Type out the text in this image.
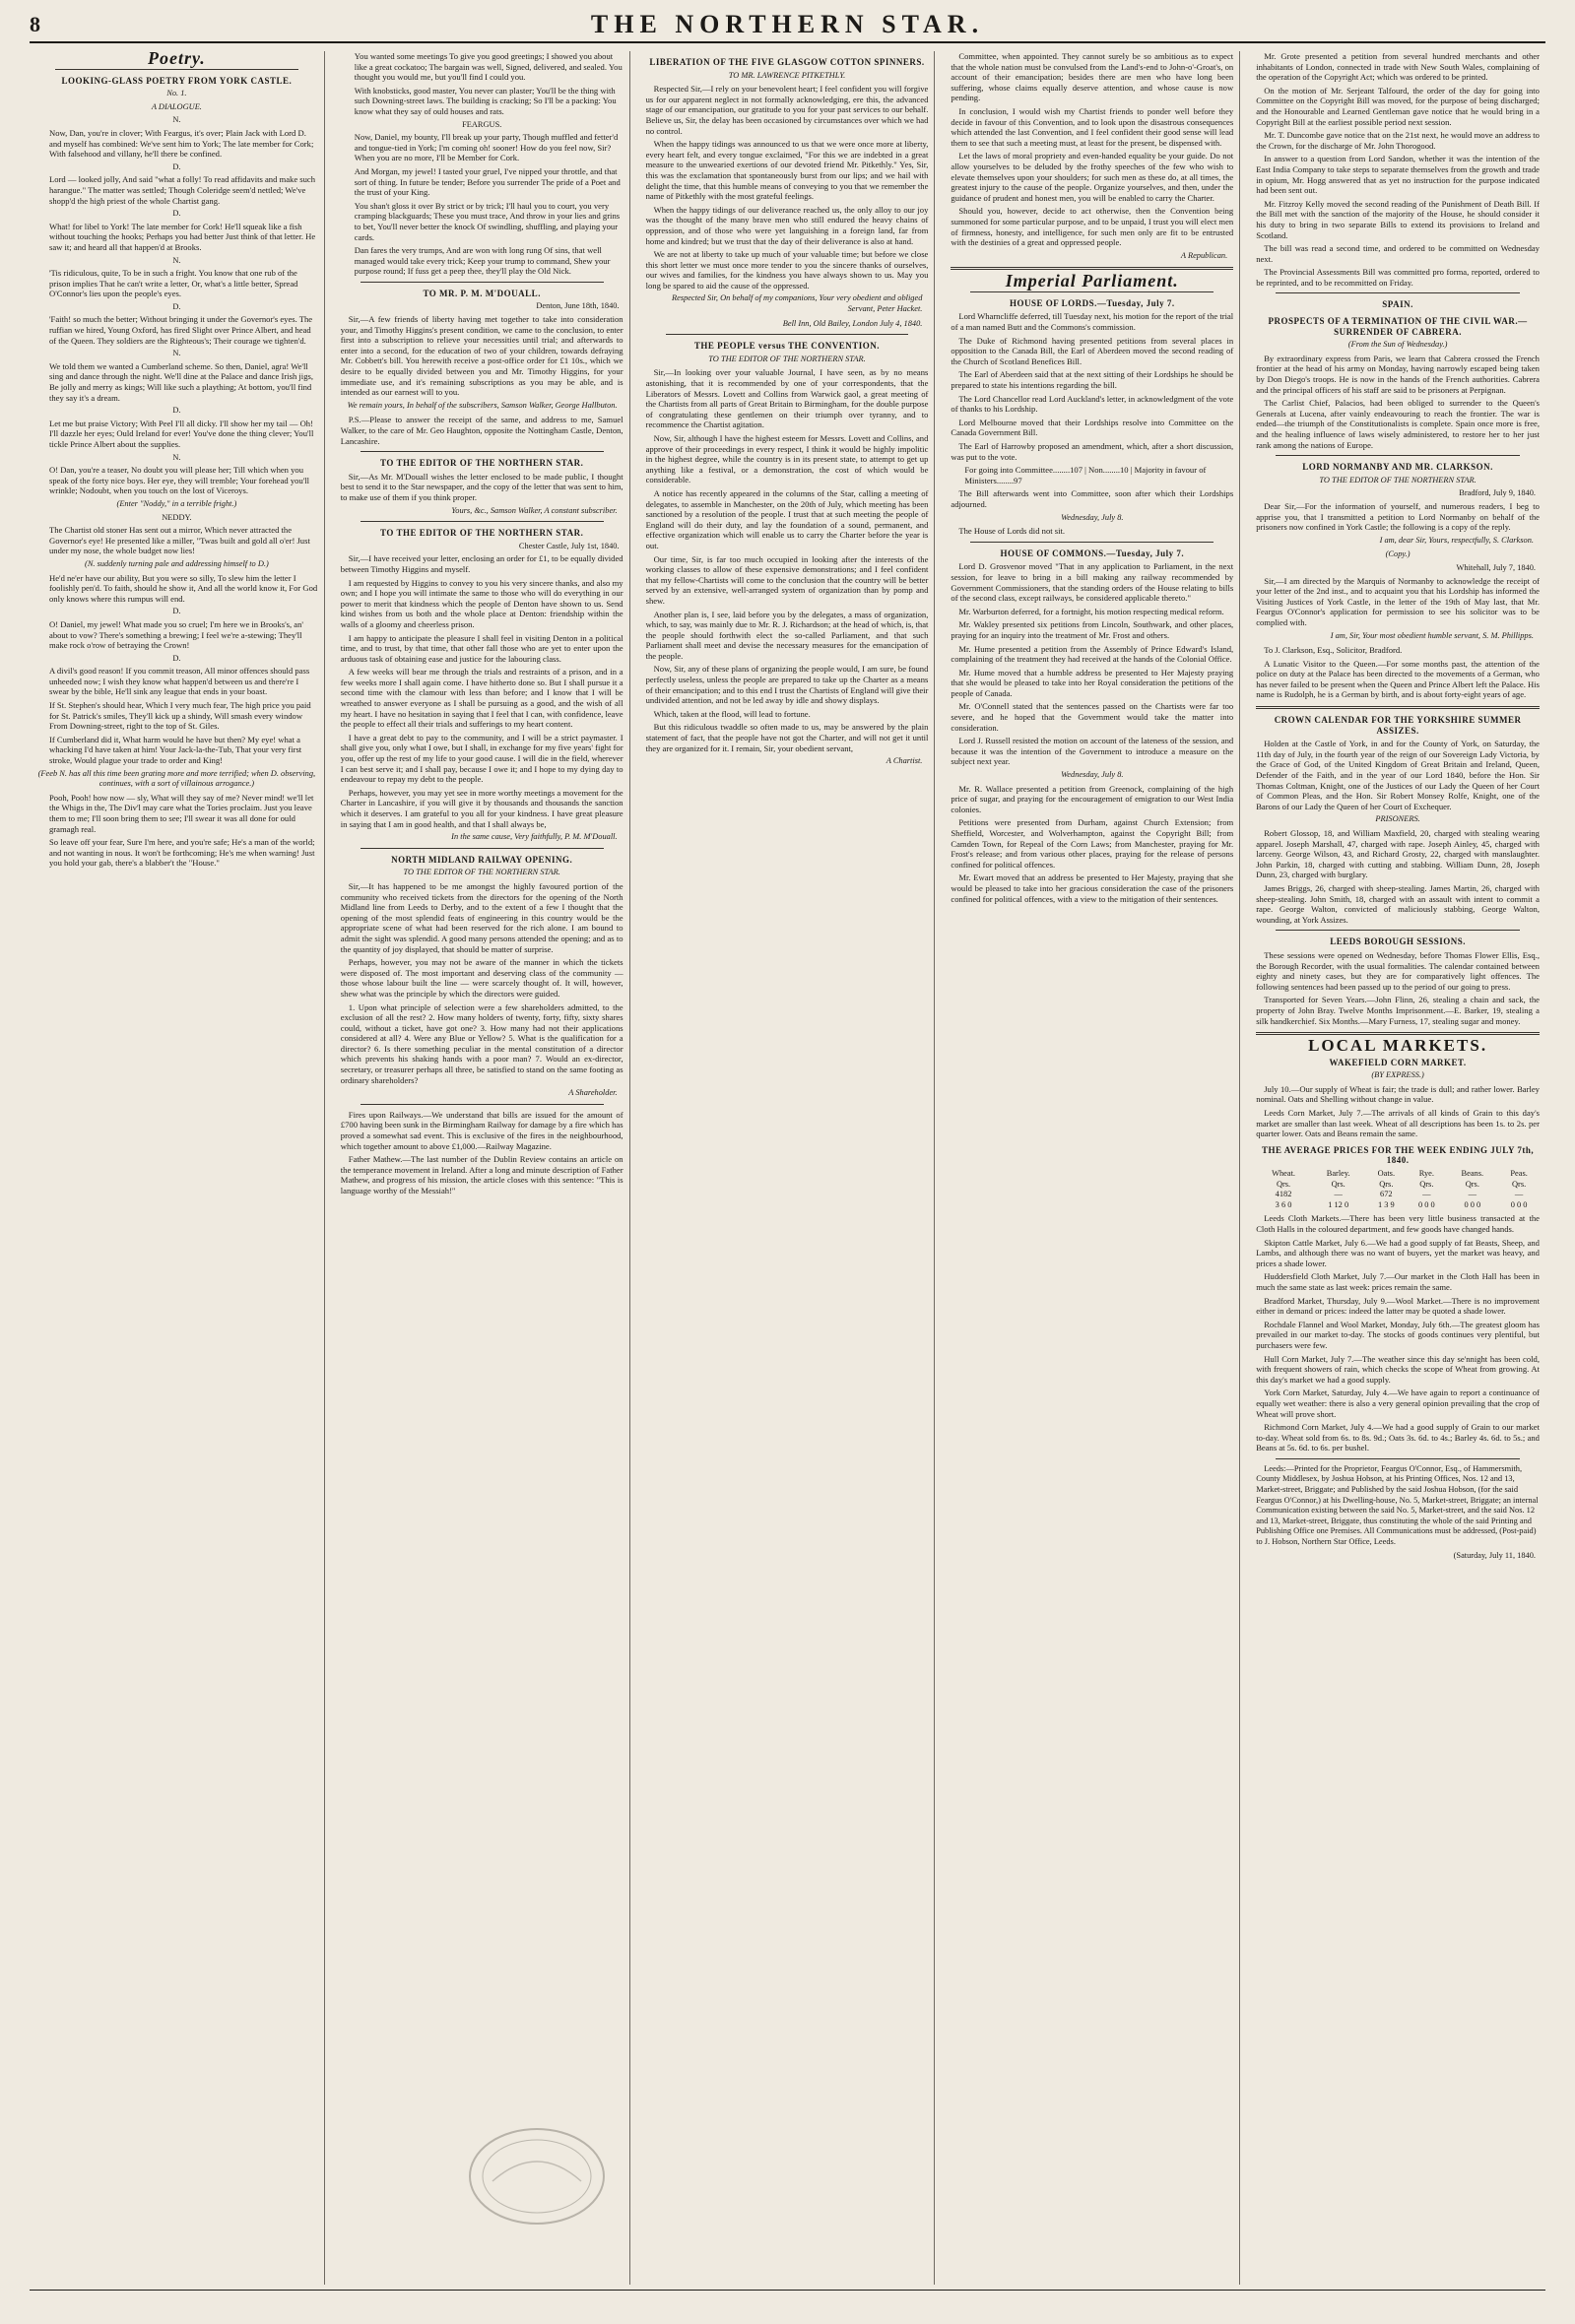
8	THE NORTHERN STAR.
Poetry.
LOOKING-GLASS POETRY FROM YORK CASTLE.
No. 1.
A DIALOGUE.
N.

Now, Dan, you're in clover; With Feargus, it's over; Plain Jack with Lord D. and myself has combined: We've sent him to York; The late member for Cork; With falsehood and villany, he'll there be confined.

D.

Lord — looked jolly, And said "what a folly! To read affidavits and make such harangue." The matter was settled; Though Coleridge seem'd nettled; We've shopp'd the high priest of the whole Chartist gang.

D.

What! for libel to York! The late member for Cork! He'll squeak like a fish without touching the hooks; Perhaps you had better Just think of that letter. He saw it; and heard all that happen'd at Brooks.

N.

'Tis ridiculous, quite, To be in such a fright. You know that one rub of the prison implies That he can't write a letter, Or, what's a little better, Spread O'Connor's lies upon the people's eyes.

D.

'Faith! so much the better; Without bringing it under the Governor's eyes. The ruffian we hired, Young Oxford, has fired Slight over Prince Albert, and head of the Queen. They soldiers are the Righteous's; Their courage we tighten'd.

N.

We told them we wanted a Cumberland scheme. So then, Daniel, agra! We'll sing and dance through the night. We'll dine at the Palace and dance Irish jigs, Be jolly and merry as kings; Will like such a plaything; At bottom, you'll find they say it's a dream.

D.

Let me but praise Victory; With Peel I'll all dicky. I'll show her my tail — Oh! I'll dazzle her eyes; Ould Ireland for ever! You've done the thing clever; You'll tickle Prince Albert about the supplies.

N.

O! Dan, you're a teaser, No doubt you will please her; Till which when you speak of the forty nice boys. Her eye, they will tremble; Your forehead you'll wrinkle; Nodoubt, when you touch on the lost of Viceroys.

(Enter "Noddy," in a terrible fright.)
NEDDY.

The Chartist old stoner Has sent out a mirror, Which never attracted the Governor's eye! He presented like a miller, "Twas built and gold all o'er! Just under my nose, the whole budget now lies!

(N. suddenly turning pale and addressing himself to D.)

He'd ne'er have our ability, But you were so silly, To slew him the letter I foolishly pen'd. To faith, should he show it, And all the world know it, For God only knows where this rumpus will end.

D.

O! Daniel, my jewel! What made you so cruel; I'm here we in Brooks's, an' about to vow? There's something a brewing; I feel we're a-stewing; They'll make rock o'row of betraying the Crown!

D.

A divil's good reason! If you commit treason, All minor offences should pass unheeded now; I wish they know what happen'd between us and there're I swear by the bible, He'll sink any league that ends in your boast.

If St. Stephen's should hear, Which I very much fear, The high price you paid for St. Patrick's smiles, They'll kick up a shindy, Will smash every window From Downing-street, right to the top of St. Giles.

If Cumberland did it, What harm would he have but then? My eye! what a whacking I'd have taken at him! Your Jack-la-the-Tub, That your very first stroke, Would plague your trade to order and King!

(Feeb N. has all this time been grating more and more terrified; when D. observing, continues, with a sort of villainous arrogance.)

Pooh, Pooh! how now — sly, What will they say of me? Never mind! we'll let the Whigs in the, The Div'l may care what the Tories proclaim. Just you leave them to me; I'll soon bring them to see; I'll swear it was all done for ould gramagh real.

So leave off your fear, Sure I'm here, and you're safe; He's a man of the world; and not wanting in nous. It won't be forthcoming; He's me when warning! Just you hold your gab, there's a blabber't the "House."

You wanted some meetings To give you good greetings; I showed you about like a great cockatoo; The bargain was well, Signed, delivered, and sealed. You thought you would me, but you'll find I could you.

With knobsticks, good master, You never can plaster; You'll be the thing with such Downing-street laws. The building is cracking; So I'll be a packing: You know what they say of ould houses and rats.

FEARGUS.

Now, Daniel, my bounty, I'll break up your party, Though muffled and fetter'd and tongue-tied in York; I'm coming oh! sooner! How do you feel now, Sir? When you are no more, I'll be Member for Cork.

And Morgan, my jewel! I tasted your gruel, I've nipped your throttle, and that sort of thing. In future be tender; Before you surrender The pride of a Poet and the trust of your King.

You shan't gloss it over By strict or by trick; I'll haul you to court, you very cramping blackguards; These you must trace, And throw in your lies and grins to bet, You'll never better the knock Of swindling, shuffling, and playing your cards.

Dan fares the very trumps, And are won with long rung Of sins, that well managed would take every trick; Keep your trump to command, Shew your purpose round; If fuss get a peep thee, they'll play the Old Nick.

TO MR. P. M. M'DOUALL.
Denton, June 18th, 1840.

Sir,—A few friends of liberty having met together to take into consideration your, and Timothy Higgins's present condition, we came to the conclusion, to enter first into a subscription to relieve your necessities until trial; and afterwards to enter into a second, for the education of two of your children, towards defraying Mr. Cobbett's bill. You herewith receive a post-office order for £1 10s., which we desire to be equally divided between you and Mr. Timothy Higgins, for your immediate use, and it's remaining subscriptions as you may be able, and is intended as our earnest will to you.

We remain yours, In behalf of the subscribers, Samson Walker, George Hallbuton.

P.S.—Please to answer the receipt of the same, and address to me, Samuel Walker, to the care of Mr. Geo Haughton, opposite the Nottingham Castle, Denton, Lancashire.

TO THE EDITOR OF THE NORTHERN STAR.

Sir,—As Mr. M'Douall wishes the letter enclosed to be made public, I thought best to send it to the Star newspaper, and the copy of the letter that was sent to him, to make use of them if you think proper.

Yours, &c., Samson Walker, A constant subscriber.
TO THE EDITOR OF THE NORTHERN STAR.
Chester Castle, July 1st, 1840.

Sir,—I have received your letter, enclosing an order for £1, to be equally divided between Timothy Higgins and myself.

I am requested by Higgins to convey to you his very sincere thanks, and also my own; and I hope you will intimate the same to those who will do everything in our power to merit that kindness which the people of Denton have shown to us. Send kind wishes from us both and the whole place at Denton: friendship within the walls of a gloomy and cheerless prison.

I am happy to anticipate the pleasure I shall feel in visiting Denton in a political time, and to trust, by that time, that other fall those who are yet to enter upon the arduous task of obtaining ease and justice for the labouring class.

A few weeks will bear me through the trials and restraints of a prison, and in a few weeks more I shall again come. I have hitherto done so. But I shall pursue it a second time with the clamour with less than before; and I know that I will be wreathed to answer everyone as I shall be pursuing as a good, and the wish of all my heart. I have no hesitation in saying that I feel that I can, with confidence, leave the people to effect all their trials and sufferings to my heart content.

I have a great debt to pay to the community, and I will be a strict paymaster. I shall give you, only what I owe, but I shall, in exchange for my five years' fight for you, offer up the rest of my life to your good cause. I will die in the field, wherever I can best serve it; and I shall pay, because I owe it; and I hope to my dying day to endeavour to repay my debt to the people.

Perhaps, however, you may yet see in more worthy meetings a movement for the Charter in Lancashire, if you will give it by thousands and thousands the sanction which it deserves. I am grateful to you all for your kindness. I have great pleasure in saying that I am in good health, and that I shall always be,

In the same cause, Very faithfully, P. M. M'Douall.
NORTH MIDLAND RAILWAY OPENING.
TO THE EDITOR OF THE NORTHERN STAR.

Sir,—It has happened to be me amongst the highly favoured portion of the community who received tickets from the directors for the opening of the North Midland line from Leeds to Derby, and to the extent of a few I thought that the opening of the most splendid feats of engineering in this country would be the appropriate scene of what had been reserved for the rich alone. I am bound to admit the sight was splendid. A good many persons attended the opening; and as to the quantity of joy displayed, that should be matter of surprise.

Perhaps, however, you may not be aware of the manner in which the tickets were disposed of. The most important and deserving class of the community — those whose labour built the line — were scarcely thought of. It will, however, shew what was the principle by which the directors were guided.

1. Upon what principle of selection were a few shareholders admitted, to the exclusion of all the rest? 2. How many holders of twenty, forty, fifty, sixty shares could, without a ticket, have got one? 3. How many had not their applications considered at all? 4. Were any Blue or Yellow? 5. What is the qualification for a director? 6. Is there something peculiar in the mental constitution of a director which prevents his shaking hands with a poor man? 7. Would an ex-director, secretary, or treasurer perhaps all three, be satisfied to stand on the same footing as ordinary shareholders?

A Shareholder.

Fires upon Railways.—We understand that bills are issued for the amount of £700 having been sunk in the Birmingham Railway for damage by a fire which has proved a somewhat sad event. This is exclusive of the fires in the neighbourhood, which together amount to above £1,000.—Railway Magazine.

Father Mathew.—The last number of the Dublin Review contains an article on the temperance movement in Ireland. After a long and minute description of Father Mathew, and progress of his mission, the article closes with this sentence: "This is language worthy of the Messiah!"

LIBERATION OF THE FIVE GLASGOW COTTON SPINNERS.
TO MR. LAWRENCE PITKETHLY.

Respected Sir,—I rely on your benevolent heart; I feel confident you will forgive us for our apparent neglect in not formally acknowledging, ere this, the advanced stage of our emancipation, our gratitude to you for your past services to our behalf. Believe us, Sir, the delay has been occasioned by circumstances over which we had no control.

When the happy tidings was announced to us that we were once more at liberty, every heart felt, and every tongue exclaimed, "For this we are indebted in a great measure to the unwearied exertions of our devoted friend Mr. Pitkethly." Yes, Sir, this was the exclamation that spontaneously burst from our lips; and we hail with delight the time, that this humble means of conveying to you that we remember the name of Pitkethly with the most grateful feelings.

When the happy tidings of our deliverance reached us, the only alloy to our joy was the thought of the many brave men who still endured the heavy chains of oppression, and of those who were yet languishing in a foreign land, far from home and kindred; but we trust that the day of their deliverance is also at hand.

We are not at liberty to take up much of your valuable time; but before we close this short letter we must once more tender to you the sincere thanks of ourselves, our wives and families, for the kindness you have always shown to us. May you long be spared to aid the cause of the oppressed.

Respected Sir, On behalf of my companions, Your very obedient and obliged Servant, Peter Hacket.
Bell Inn, Old Bailey, London July 4, 1840.
THE PEOPLE versus THE CONVENTION.
TO THE EDITOR OF THE NORTHERN STAR.

Sir,—In looking over your valuable Journal, I have seen, as by no means astonishing, that it is recommended by one of your correspondents, that the Liberators of Messrs. Lovett and Collins from Warwick gaol, a great meeting of the Chartists from all parts of Great Britain to Birmingham, for the double purpose of congratulating these gentlemen on their triumph over tyranny, and to recommence the Chartist agitation.

Now, Sir, although I have the highest esteem for Messrs. Lovett and Collins, and approve of their proceedings in every respect, I think it would be highly impolitic in the highest degree, while the country is in its present state, to attempt to get up anything like a festival, or a demonstration, the cost of which would be considerable.

A notice has recently appeared in the columns of the Star, calling a meeting of delegates, to assemble in Manchester, on the 20th of July, which meeting has been sanctioned by a resolution of the people. I trust that at such meeting the people of England will do their duty, and lay the foundation of a sound, permanent, and effective organization which will enable us to carry the Charter before the year is out.

Our time, Sir, is far too much occupied in looking after the interests of the working classes to allow of these expensive demonstrations; and I feel confident that my fellow-Chartists will come to the conclusion that the country will be better served by an extensive, well-arranged system of organization than by pomp and shew.

Another plan is, I see, laid before you by the delegates, a mass of organization, which, to say, was mainly due to Mr. R. J. Richardson; at the head of which, is, that the people should forthwith elect the so-called Parliament, and that such Parliament shall meet and devise the necessary measures for the emancipation of the people.

Now, Sir, any of these plans of organizing the people would, I am sure, be found perfectly useless, unless the people are prepared to take up the Charter as a means of their emancipation; and to this end I trust the Chartists of England will give their undivided attention, and not be led away by idle and showy displays.

Which, taken at the flood, will lead to fortune.

But this ridiculous twaddle so often made to us, may be answered by the plain statement of fact, that the people have not got the Charter, and will not get it until they are organized for it. I remain, Sir, your obedient servant,

A Chartist.

Committee, when appointed. They cannot surely be so ambitious as to expect that the whole nation must be convulsed from the Land's-end to John-o'-Groat's, on account of their emancipation; besides there are men who have long been suffering, whose claims equally deserve attention, and whose cause is now pending.

In conclusion, I would wish my Chartist friends to ponder well before they decide in favour of this Convention, and to look upon the disastrous consequences which attended the last Convention, and I feel confident their good sense will lead them to see that such a meeting must, at least for the present, be dispensed with.

Let the laws of moral propriety and even-handed equality be your guide. Do not allow yourselves to be deluded by the frothy speeches of the few who wish to elevate themselves upon your shoulders; for such men as these do, at all times, the greatest injury to the cause of the people. Organize yourselves, and then, under the guidance of prudent and honest men, you will be enabled to carry the Charter.

Should you, however, decide to act otherwise, then the Convention being summoned for some particular purpose, and to be unpaid, I trust you will elect men of firmness, honesty, and intelligence, for such men only are fit to be entrusted with the destinies of a great and oppressed people.

A Republican.
Imperial Parliament.
HOUSE OF LORDS.—Tuesday, July 7.

Lord Wharncliffe deferred, till Tuesday next, his motion for the report of the trial of a man named Butt and the Commons's commission.

The Duke of Richmond having presented petitions from several places in opposition to the Canada Bill, the Earl of Aberdeen moved the second reading of the Church of Scotland Benefices Bill.

The Earl of Aberdeen said that at the next sitting of their Lordships he should be prepared to state his intentions regarding the bill.

The Lord Chancellor read Lord Auckland's letter, in acknowledgment of the vote of thanks to his Lordship.

Lord Melbourne moved that their Lordships resolve into Committee on the Canada Government Bill.

The Earl of Harrowby proposed an amendment, which, after a short discussion, was put to the vote.

For going into Committee........107 | Non........10 | Majority in favour of Ministers........97

The Bill afterwards went into Committee, soon after which their Lordships adjourned.

Wednesday, July 8.

The House of Lords did not sit.

HOUSE OF COMMONS.—Tuesday, July 7.

Lord D. Grosvenor moved "That in any application to Parliament, in the next session, for leave to bring in a bill making any railway recommended by Government Commissioners, that the standing orders of the House relating to bills of the second class, except railways, be considered applicable thereto."

Mr. Warburton deferred, for a fortnight, his motion respecting medical reform.

Mr. Wakley presented six petitions from Lincoln, Southwark, and other places, praying for an inquiry into the treatment of Mr. Frost and others.

Mr. Hume presented a petition from the Assembly of Prince Edward's Island, complaining of the treatment they had received at the hands of the Colonial Office.

Mr. Hume moved that a humble address be presented to Her Majesty praying that she would be pleased to take into her Royal consideration the petitions of the people of Canada.

Mr. O'Connell stated that the sentences passed on the Chartists were far too severe, and he hoped that the Government would take the matter into consideration.

Lord J. Russell resisted the motion on account of the lateness of the session, and because it was the intention of the Government to introduce a measure on the subject next year.

Wednesday, July 8.

Mr. R. Wallace presented a petition from Greenock, complaining of the high price of sugar, and praying for the encouragement of emigration to our West India colonies.

Petitions were presented from Durham, against Church Extension; from Sheffield, Worcester, and Wolverhampton, against the Copyright Bill; from Camden Town, for Repeal of the Corn Laws; from Manchester, praying for Mr. Frost's release; and from various other places, praying for the release of persons confined for political offences.

Mr. Ewart moved that an address be presented to Her Majesty, praying that she would be pleased to take into her gracious consideration the case of the prisoners confined for political offences, with a view to the mitigation of their sentences.

Mr. Grote presented a petition from several hundred merchants and other inhabitants of London, connected in trade with New South Wales, complaining of the operation of the Copyright Act; which was ordered to be printed.

On the motion of Mr. Serjeant Talfourd, the order of the day for going into Committee on the Copyright Bill was moved, for the purpose of being discharged; and the Honourable and Learned Gentleman gave notice that he would bring in a Copyright Bill at the earliest possible period next session.

Mr. T. Duncombe gave notice that on the 21st next, he would move an address to the Crown, for the discharge of Mr. John Thorogood.

In answer to a question from Lord Sandon, whether it was the intention of the East India Company to take steps to separate themselves from the growth and trade in opium, Mr. Hogg answered that as yet no instruction for the purpose indicated had been sent out.

Mr. Fitzroy Kelly moved the second reading of the Punishment of Death Bill. If the Bill met with the sanction of the majority of the House, he should consider it his duty to bring in two separate Bills to extend its provisions to Ireland and Scotland.

The bill was read a second time, and ordered to be committed on Wednesday next.

The Provincial Assessments Bill was committed pro forma, reported, ordered to be reprinted, and to be recommitted on Friday.

SPAIN.
PROSPECTS OF A TERMINATION OF THE CIVIL WAR.—SURRENDER OF CABRERA.
(From the Sun of Wednesday.)

By extraordinary express from Paris, we learn that Cabrera crossed the French frontier at the head of his army on Monday, having narrowly escaped being taken by Don Diego's troops. He is now in the hands of the French authorities. Cabrera and the principal officers of his staff are said to be prisoners at Perpignan.

The Carlist Chief, Palacios, had been obliged to surrender to the Queen's Generals at Lucena, after vainly endeavouring to reach the frontier. The war is ended—the triumph of the Constitutionalists is complete. Spain once more is free, and the healing influence of laws wisely administered, to restore her to her just rank among the nations of Europe.

LORD NORMANBY AND MR. CLARKSON.
TO THE EDITOR OF THE NORTHERN STAR.
Bradford, July 9, 1840.

Dear Sir,—For the information of yourself, and numerous readers, I beg to apprise you, that I transmitted a petition to Lord Normanby on behalf of the prisoners now confined in York Castle; the following is a copy of the reply.

I am, dear Sir, Yours, respectfully, S. Clarkson.
(Copy.)
Whitehall, July 7, 1840.

Sir,—I am directed by the Marquis of Normanby to acknowledge the receipt of your letter of the 2nd inst., and to acquaint you that his Lordship has informed the Visiting Justices of York Castle, in the letter of the 19th of May last, that Mr. Feargus O'Connor's application for permission to see his solicitor was to be complied with.

I am, Sir, Your most obedient humble servant, S. M. Phillipps.

To J. Clarkson, Esq., Solicitor, Bradford.

A Lunatic Visitor to the Queen.—For some months past, the attention of the police on duty at the Palace has been directed to the movements of a German, who has never failed to be present when the Queen and Prince Albert left the Palace. His name is Rudolph, he is a German by birth, and is about forty-eight years of age.

CROWN CALENDAR FOR THE YORKSHIRE SUMMER ASSIZES.

Holden at the Castle of York, in and for the County of York, on Saturday, the 11th day of July, in the fourth year of the reign of our Sovereign Lady Victoria, by the Grace of God, of the United Kingdom of Great Britain and Ireland, Queen, Defender of the Faith, and in the year of our Lord 1840, before the Hon. Sir Thomas Coltman, Knight, one of the Justices of our Lady the Queen of her Court of Common Pleas, and the Hon. Sir Robert Monsey Rolfe, Knight, one of the Barons of our Lady the Queen of her Court of Exchequer.

PRISONERS.

Robert Glossop, 18, and William Maxfield, 20, charged with stealing wearing apparel. Joseph Marshall, 47, charged with rape. Joseph Ainley, 45, charged with larceny. George Wilson, 43, and Richard Grosty, 22, charged with manslaughter. John Parkin, 18, charged with cutting and stabbing. William Dunn, 28, Joseph Dunn, 23, charged with burglary.

James Briggs, 26, charged with sheep-stealing. James Martin, 26, charged with sheep-stealing. John Smith, 18, charged with an assault with intent to commit a rape. George Walton, convicted of maliciously stabbing, George Walton, wounding, at York Assizes.

LEEDS BOROUGH SESSIONS.

These sessions were opened on Wednesday, before Thomas Flower Ellis, Esq., the Borough Recorder, with the usual formalities. The calendar contained between eighty and ninety cases, but they are for comparatively light offences. The following sentences had been passed up to the period of our going to press.

Transported for Seven Years.—John Flinn, 26, stealing a chain and sack, the property of John Bray. Twelve Months Imprisonment.—E. Barker, 19, stealing a silk handkerchief. Six Months.—Mary Furness, 17, stealing sugar and money.

LOCAL MARKETS.
WAKEFIELD CORN MARKET.
(BY EXPRESS.)

July 10.—Our supply of Wheat is fair; the trade is dull; and rather lower. Barley nominal. Oats and Shelling without change in value.

Leeds Corn Market, July 7.—The arrivals of all kinds of Grain to this day's market are smaller than last week. Wheat of all descriptions has been 1s. to 2s. per quarter lower. Oats and Beans remain the same.

THE AVERAGE PRICES FOR THE WEEK ENDING JULY 7th, 1840.
Wheat.	Barley.	Oats.	Rye.	Beans.	Peas.
Qrs.	Qrs.	Qrs.	Qrs.	Qrs.	Qrs.
4182	—	672	—	—	—
3 6 0	1 12 0	1 3 9	0 0 0	0 0 0	0 0 0

Leeds Cloth Markets.—There has been very little business transacted at the Cloth Halls in the coloured department, and few goods have changed hands.

Skipton Cattle Market, July 6.—We had a good supply of fat Beasts, Sheep, and Lambs, and although there was no want of buyers, yet the market was heavy, and prices a shade lower.

Huddersfield Cloth Market, July 7.—Our market in the Cloth Hall has been in much the same state as last week: prices remain the same.

Bradford Market, Thursday, July 9.—Wool Market.—There is no improvement either in demand or prices: indeed the latter may be quoted a shade lower.

Rochdale Flannel and Wool Market, Monday, July 6th.—The greatest gloom has prevailed in our market to-day. The stocks of goods continues very plentiful, but purchasers were few.

Hull Corn Market, July 7.—The weather since this day se'nnight has been cold, with frequent showers of rain, which checks the scope of Wheat from growing. At this day's market we had a good supply.

York Corn Market, Saturday, July 4.—We have again to report a continuance of equally wet weather: there is also a very general opinion prevailing that the crop of Wheat will prove short.

Richmond Corn Market, July 4.—We had a good supply of Grain to our market to-day. Wheat sold from 6s. to 8s. 9d.; Oats 3s. 6d. to 4s.; Barley 4s. 6d. to 5s.; and Beans at 5s. 6d. to 6s. per bushel.

Leeds:—Printed for the Proprietor, Feargus O'Connor, Esq., of Hammersmith, County Middlesex, by Joshua Hobson, at his Printing Offices, Nos. 12 and 13, Market-street, Briggate; and Published by the said Joshua Hobson, (for the said Feargus O'Connor,) at his Dwelling-house, No. 5, Market-street, Briggate; an internal Communication existing between the said No. 5, Market-street, and the said Nos. 12 and 13, Market-street, Briggate, thus constituting the whole of the said Printing and Publishing Office one Premises. All Communications must be addressed, (Post-paid) to J. Hobson, Northern Star Office, Leeds.

(Saturday, July 11, 1840.
